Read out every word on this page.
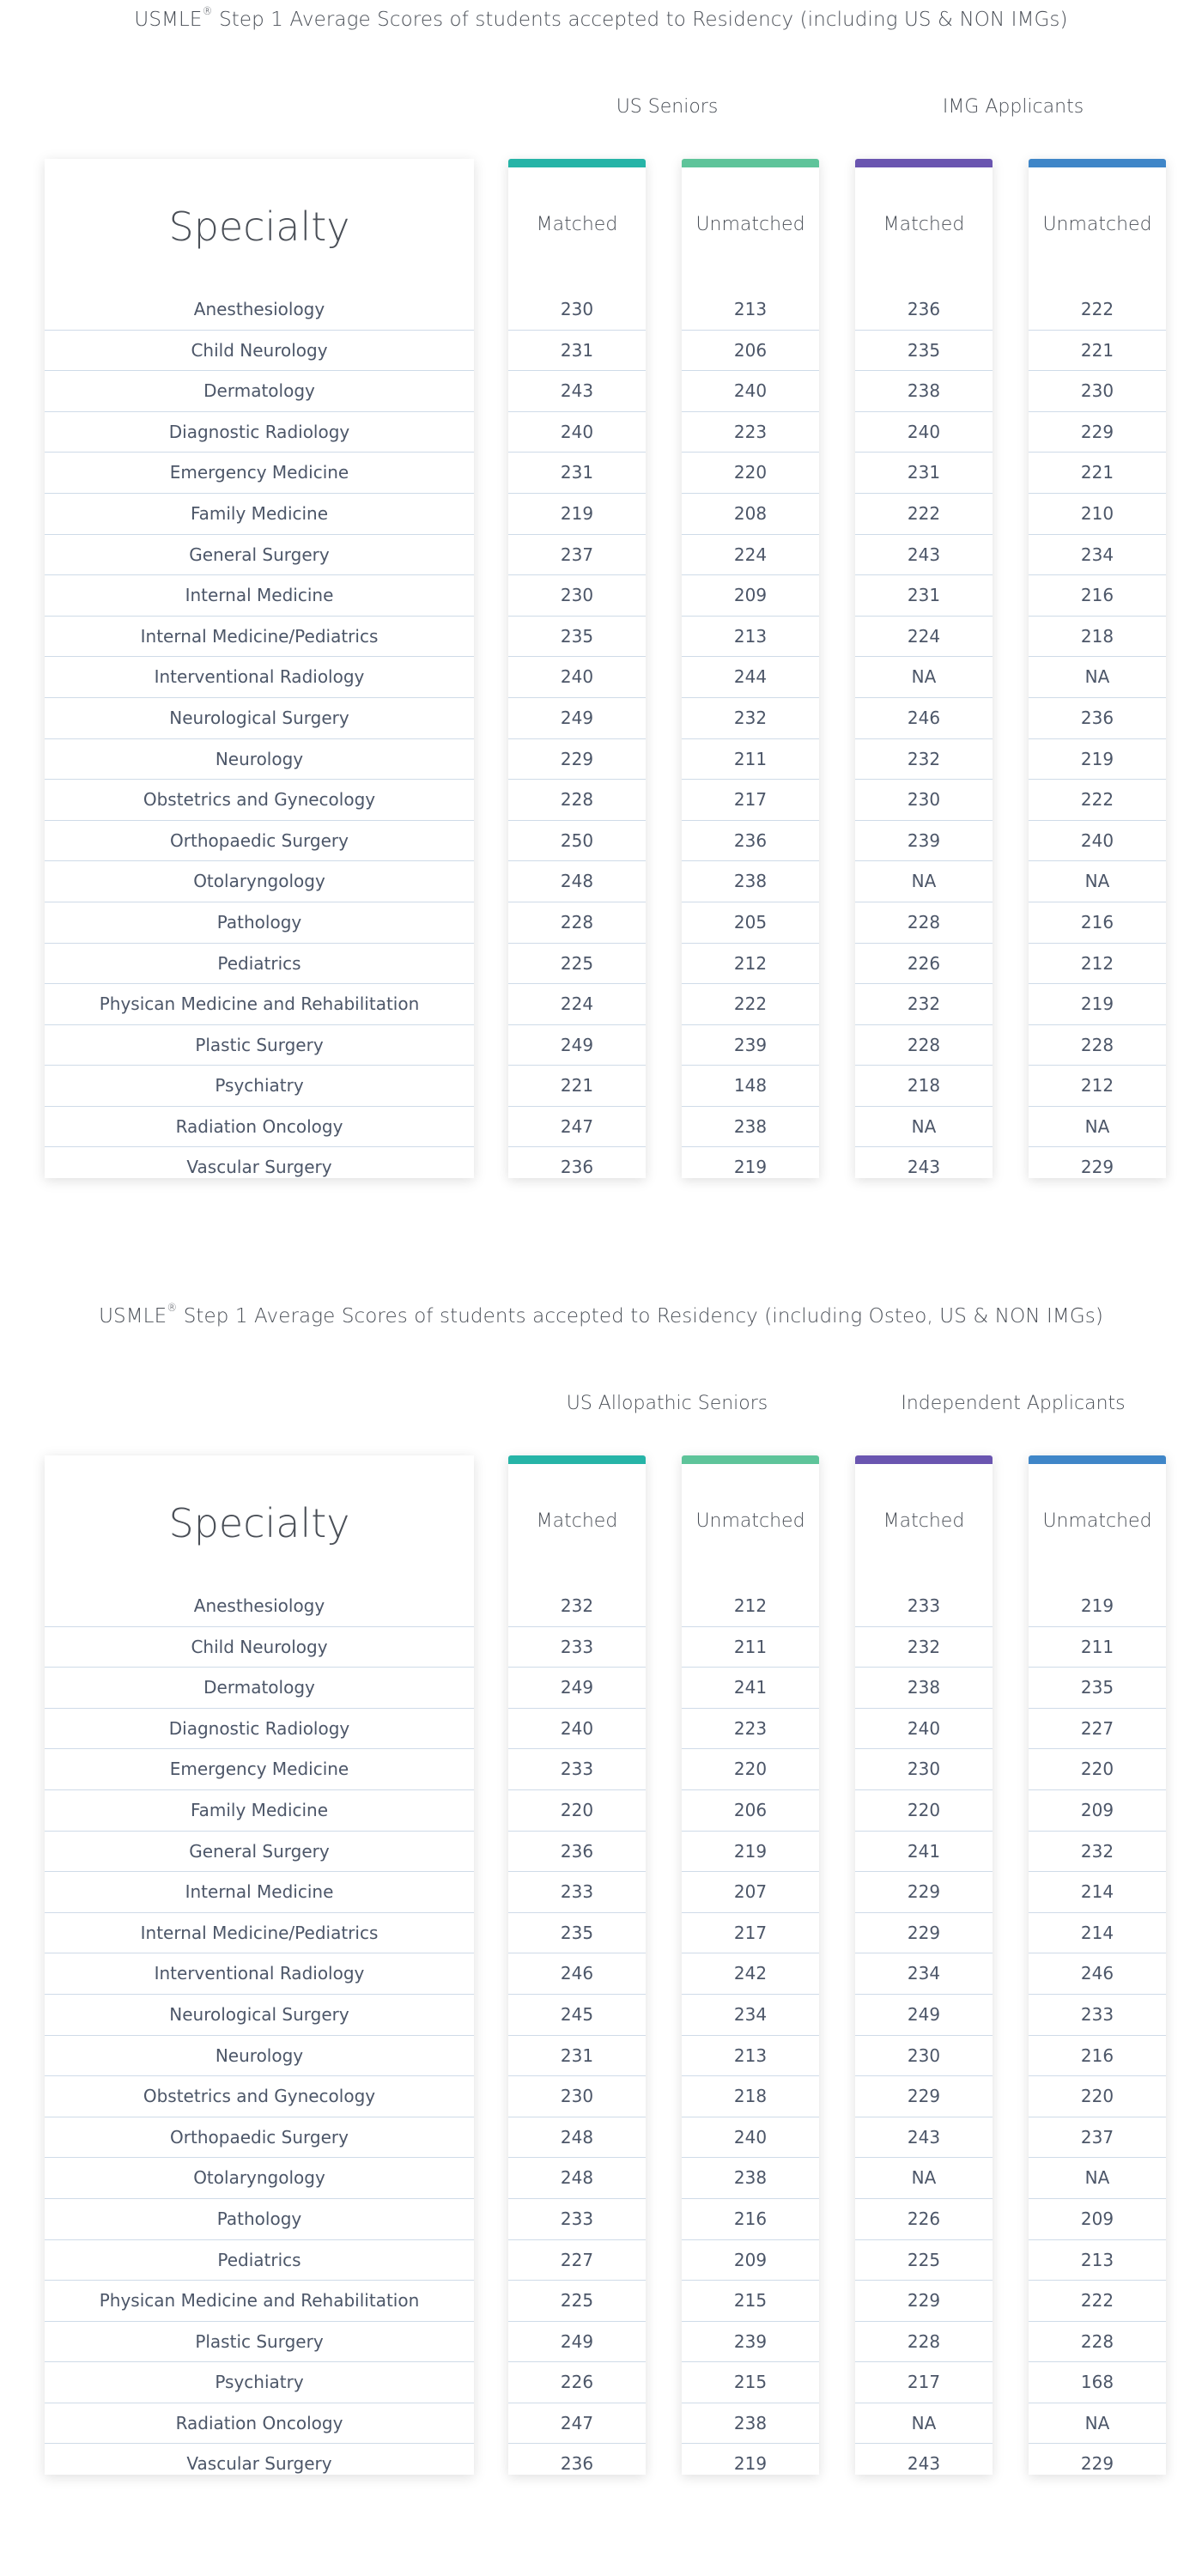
USMLE® Step 1 Average Scores of students accepted to Residency (including US & NON IMGs)
US Seniors	IMG Applicants
Specialty
Anesthesiology
Child Neurology
Dermatology
Diagnostic Radiology
Emergency Medicine
Family Medicine
General Surgery
Internal Medicine
Internal Medicine/Pediatrics
Interventional Radiology
Neurological Surgery
Neurology
Obstetrics and Gynecology
Orthopaedic Surgery
Otolaryngology
Pathology
Pediatrics
Physican Medicine and Rehabilitation
Plastic Surgery
Psychiatry
Radiation Oncology
Vascular Surgery
Matched
230
231
243
240
231
219
237
230
235
240
249
229
228
250
248
228
225
224
249
221
247
236
Unmatched
213
206
240
223
220
208
224
209
213
244
232
211
217
236
238
205
212
222
239
148
238
219
Matched
236
235
238
240
231
222
243
231
224
NA
246
232
230
239
NA
228
226
232
228
218
NA
243
Unmatched
222
221
230
229
221
210
234
216
218
NA
236
219
222
240
NA
216
212
219
228
212
NA
229
USMLE® Step 1 Average Scores of students accepted to Residency (including Osteo, US & NON IMGs)
US Allopathic Seniors	Independent Applicants
Specialty
Anesthesiology
Child Neurology
Dermatology
Diagnostic Radiology
Emergency Medicine
Family Medicine
General Surgery
Internal Medicine
Internal Medicine/Pediatrics
Interventional Radiology
Neurological Surgery
Neurology
Obstetrics and Gynecology
Orthopaedic Surgery
Otolaryngology
Pathology
Pediatrics
Physican Medicine and Rehabilitation
Plastic Surgery
Psychiatry
Radiation Oncology
Vascular Surgery
Matched
232
233
249
240
233
220
236
233
235
246
245
231
230
248
248
233
227
225
249
226
247
236
Unmatched
212
211
241
223
220
206
219
207
217
242
234
213
218
240
238
216
209
215
239
215
238
219
Matched
233
232
238
240
230
220
241
229
229
234
249
230
229
243
NA
226
225
229
228
217
NA
243
Unmatched
219
211
235
227
220
209
232
214
214
246
233
216
220
237
NA
209
213
222
228
168
NA
229
